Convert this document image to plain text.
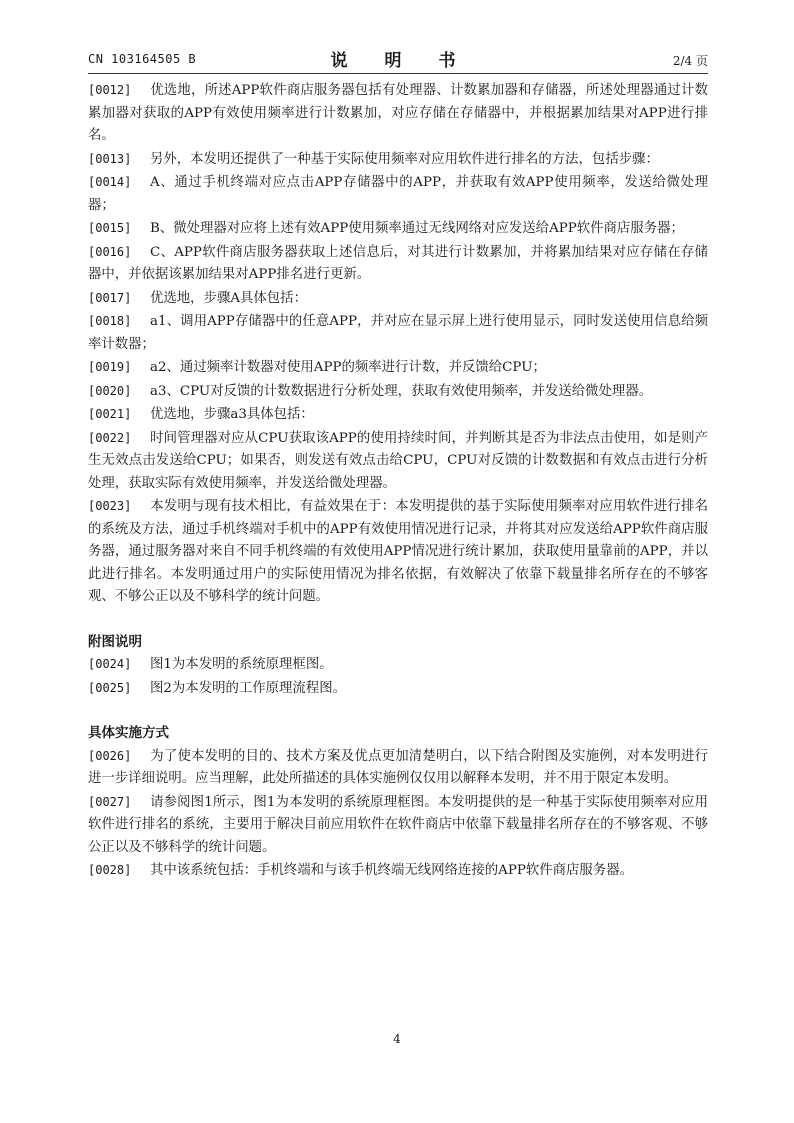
CN 103164505 B	说　明　书	2/4 页

[0012] 优选地，所述APP软件商店服务器包括有处理器、计数累加器和存储器，所述处理器通过计数累加器对获取的APP有效使用频率进行计数累加，对应存储在存储器中，并根据累加结果对APP进行排名。

[0013] 另外，本发明还提供了一种基于实际使用频率对应用软件进行排名的方法，包括步骤：

[0014] A、通过手机终端对应点击APP存储器中的APP，并获取有效APP使用频率，发送给微处理器；

[0015] B、微处理器对应将上述有效APP使用频率通过无线网络对应发送给APP软件商店服务器；

[0016] C、APP软件商店服务器获取上述信息后，对其进行计数累加，并将累加结果对应存储在存储器中，并依据该累加结果对APP排名进行更新。

[0017] 优选地，步骤A具体包括：

[0018] a1、调用APP存储器中的任意APP，并对应在显示屏上进行使用显示，同时发送使用信息给频率计数器；

[0019] a2、通过频率计数器对使用APP的频率进行计数，并反馈给CPU；

[0020] a3、CPU对反馈的计数数据进行分析处理，获取有效使用频率，并发送给微处理器。

[0021] 优选地，步骤a3具体包括：

[0022] 时间管理器对应从CPU获取该APP的使用持续时间，并判断其是否为非法点击使用，如是则产生无效点击发送给CPU；如果否，则发送有效点击给CPU，CPU对反馈的计数数据和有效点击进行分析处理，获取实际有效使用频率，并发送给微处理器。

[0023] 本发明与现有技术相比，有益效果在于：本发明提供的基于实际使用频率对应用软件进行排名的系统及方法，通过手机终端对手机中的APP有效使用情况进行记录，并将其对应发送给APP软件商店服务器，通过服务器对来自不同手机终端的有效使用APP情况进行统计累加，获取使用量靠前的APP，并以此进行排名。本发明通过用户的实际使用情况为排名依据，有效解决了依靠下载量排名所存在的不够客观、不够公正以及不够科学的统计问题。

附图说明

[0024] 图1为本发明的系统原理框图。

[0025] 图2为本发明的工作原理流程图。

具体实施方式

[0026] 为了使本发明的目的、技术方案及优点更加清楚明白，以下结合附图及实施例，对本发明进行进一步详细说明。应当理解，此处所描述的具体实施例仅仅用以解释本发明，并不用于限定本发明。

[0027] 请参阅图1所示，图1为本发明的系统原理框图。本发明提供的是一种基于实际使用频率对应用软件进行排名的系统，主要用于解决目前应用软件在软件商店中依靠下载量排名所存在的不够客观、不够公正以及不够科学的统计问题。

[0028] 其中该系统包括：手机终端和与该手机终端无线网络连接的APP软件商店服务器。

4
